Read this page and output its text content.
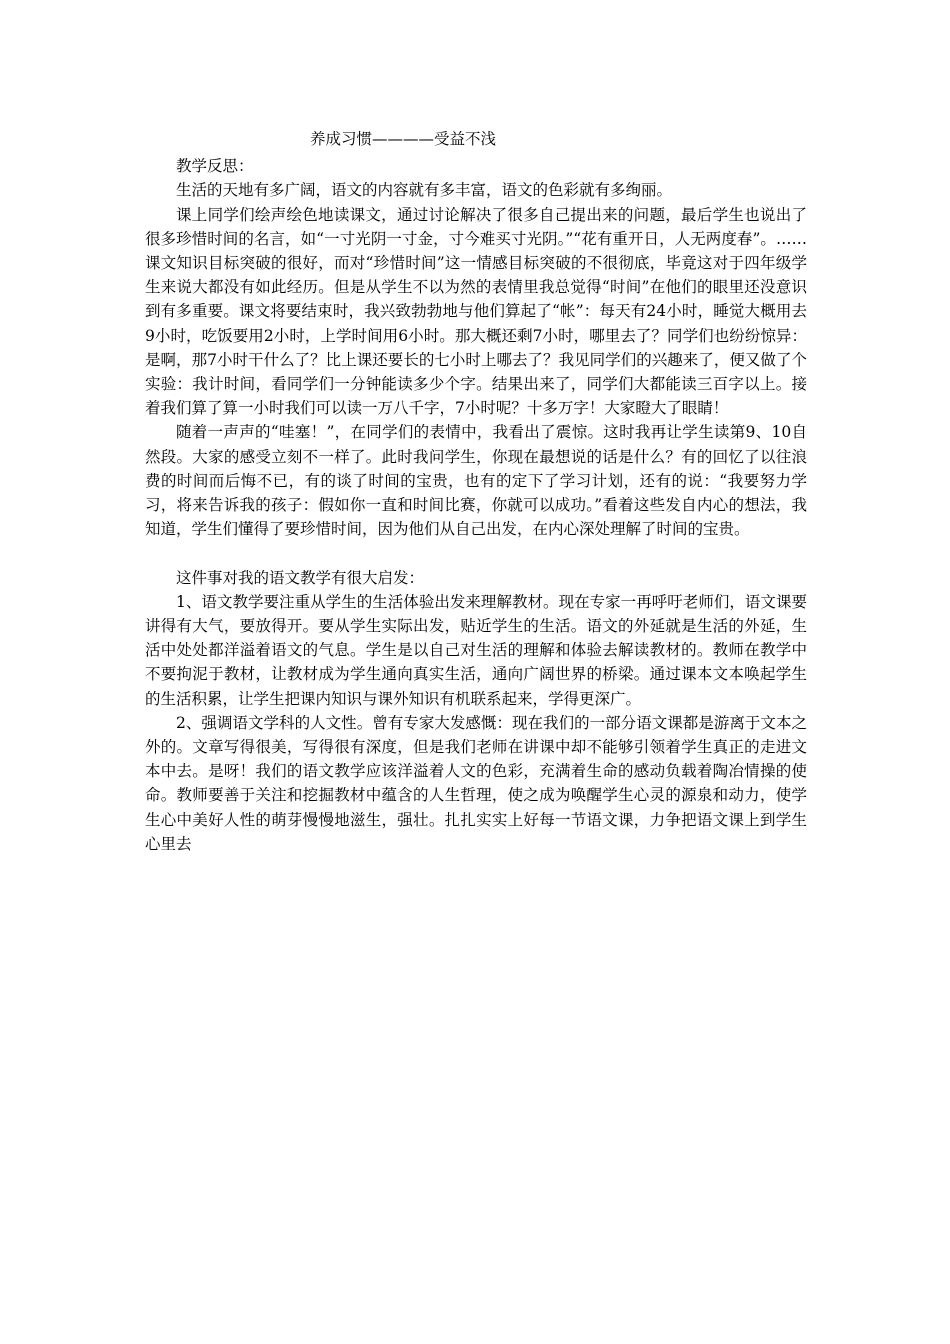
养成习惯————受益不浅

教学反思：

生活的天地有多广阔，语文的内容就有多丰富，语文的色彩就有多绚丽。

课上同学们绘声绘色地读课文，通过讨论解决了很多自己提出来的问题，最后学生也说出了很多珍惜时间的名言，如“一寸光阴一寸金，寸今难买寸光阴。”“花有重开日，人无两度春”。……课文知识目标突破的很好，而对“珍惜时间”这一情感目标突破的不很彻底，毕竟这对于四年级学生来说大都没有如此经历。但是从学生不以为然的表情里我总觉得“时间”在他们的眼里还没意识到有多重要。课文将要结束时，我兴致勃勃地与他们算起了“帐”：每天有24小时，睡觉大概用去9小时，吃饭要用2小时，上学时间用6小时。那大概还剩7小时，哪里去了？同学们也纷纷惊异：是啊，那7小时干什么了？比上课还要长的七小时上哪去了？我见同学们的兴趣来了，便又做了个实验：我计时间，看同学们一分钟能读多少个字。结果出来了，同学们大都能读三百字以上。接着我们算了算一小时我们可以读一万八千字，7小时呢？十多万字！大家瞪大了眼睛！

随着一声声的“哇塞！”，在同学们的表情中，我看出了震惊。这时我再让学生读第9、10自然段。大家的感受立刻不一样了。此时我问学生，你现在最想说的话是什么？有的回忆了以往浪费的时间而后悔不已，有的谈了时间的宝贵，也有的定下了学习计划，还有的说：“我要努力学习，将来告诉我的孩子：假如你一直和时间比赛，你就可以成功。”看着这些发自内心的想法，我知道，学生们懂得了要珍惜时间，因为他们从自己出发，在内心深处理解了时间的宝贵。

这件事对我的语文教学有很大启发：

1、语文教学要注重从学生的生活体验出发来理解教材。现在专家一再呼吁老师们，语文课要讲得有大气，要放得开。要从学生实际出发，贴近学生的生活。语文的外延就是生活的外延，生活中处处都洋溢着语文的气息。学生是以自己对生活的理解和体验去解读教材的。教师在教学中不要拘泥于教材，让教材成为学生通向真实生活，通向广阔世界的桥梁。通过课本文本唤起学生的生活积累，让学生把课内知识与课外知识有机联系起来，学得更深广。

2、强调语文学科的人文性。曾有专家大发感慨：现在我们的一部分语文课都是游离于文本之外的。文章写得很美，写得很有深度，但是我们老师在讲课中却不能够引领着学生真正的走进文本中去。是呀！我们的语文教学应该洋溢着人文的色彩，充满着生命的感动负载着陶冶情操的使命。教师要善于关注和挖掘教材中蕴含的人生哲理，使之成为唤醒学生心灵的源泉和动力，使学生心中美好人性的萌芽慢慢地滋生，强壮。扎扎实实上好每一节语文课，力争把语文课上到学生心里去
